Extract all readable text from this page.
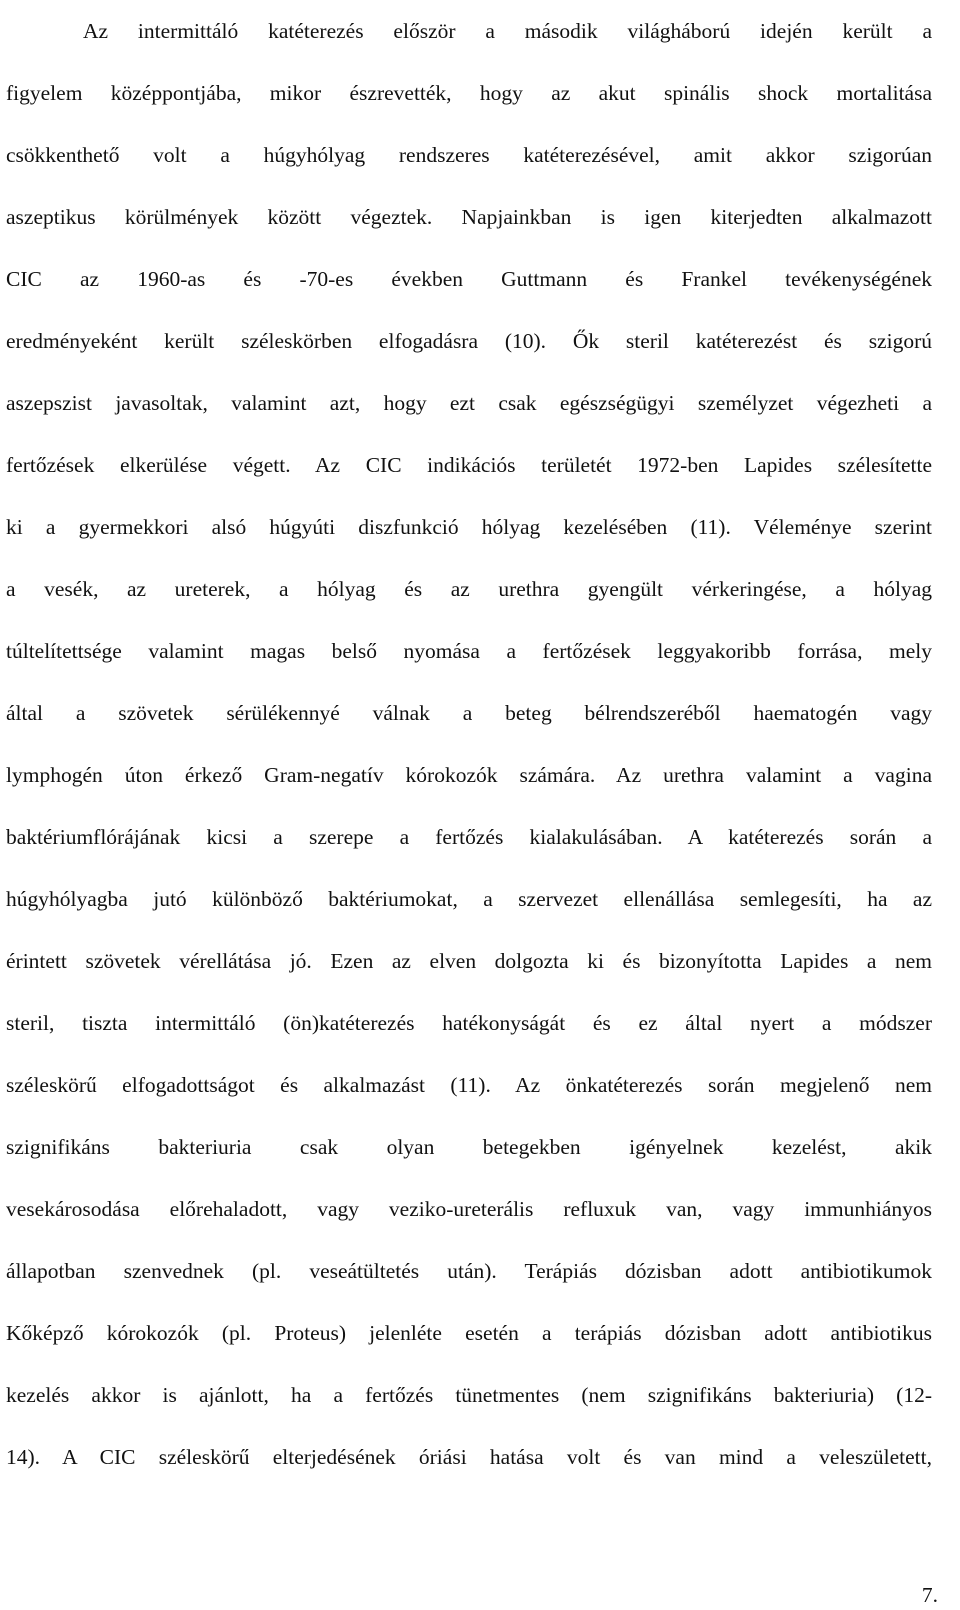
Az intermittáló katéterezés először a második világháború idején került a
figyelem középpontjába, mikor észrevették, hogy az akut spinális shock mortalitása
csökkenthető volt a húgyhólyag rendszeres katéterezésével, amit akkor szigorúan
aszeptikus körülmények között végeztek. Napjainkban is igen kiterjedten alkalmazott
CIC az 1960-as és -70-es években Guttmann és Frankel tevékenységének
eredményeként került széleskörben elfogadásra (10). Ők steril katéterezést és szigorú
aszepszist javasoltak, valamint azt, hogy ezt csak egészségügyi személyzet végezheti a
fertőzések elkerülése végett. Az CIC indikációs területét 1972-ben Lapides szélesítette
ki a gyermekkori alsó húgyúti diszfunkció hólyag kezelésében (11). Véleménye szerint
a vesék, az ureterek, a hólyag és az urethra gyengült vérkeringése, a hólyag
túltelítettsége valamint magas belső nyomása a fertőzések leggyakoribb forrása, mely
által a szövetek sérülékennyé válnak a beteg bélrendszeréből haematogén vagy
lymphogén úton érkező Gram-negatív kórokozók számára. Az urethra valamint a vagina
baktériumflórájának kicsi a szerepe a fertőzés kialakulásában. A katéterezés során a
húgyhólyagba jutó különböző baktériumokat, a szervezet ellenállása semlegesíti, ha az
érintett szövetek vérellátása jó. Ezen az elven dolgozta ki és bizonyította Lapides a nem
steril, tiszta intermittáló (ön)katéterezés hatékonyságát és ez által nyert a módszer
széleskörű elfogadottságot és alkalmazást (11). Az önkatéterezés során megjelenő nem
szignifikáns bakteriuria csak olyan betegekben igényelnek kezelést, akik
vesekárosodása előrehaladott, vagy veziko-ureterális refluxuk van, vagy immunhiányos
állapotban szenvednek (pl. veseátültetés után). Terápiás dózisban adott antibiotikumok
Kőképző kórokozók (pl. Proteus) jelenléte esetén a terápiás dózisban adott antibiotikus
kezelés akkor is ajánlott, ha a fertőzés tünetmentes (nem szignifikáns bakteriuria) (12-
14). A CIC széleskörű elterjedésének óriási hatása volt és van mind a veleszületett,
7.
